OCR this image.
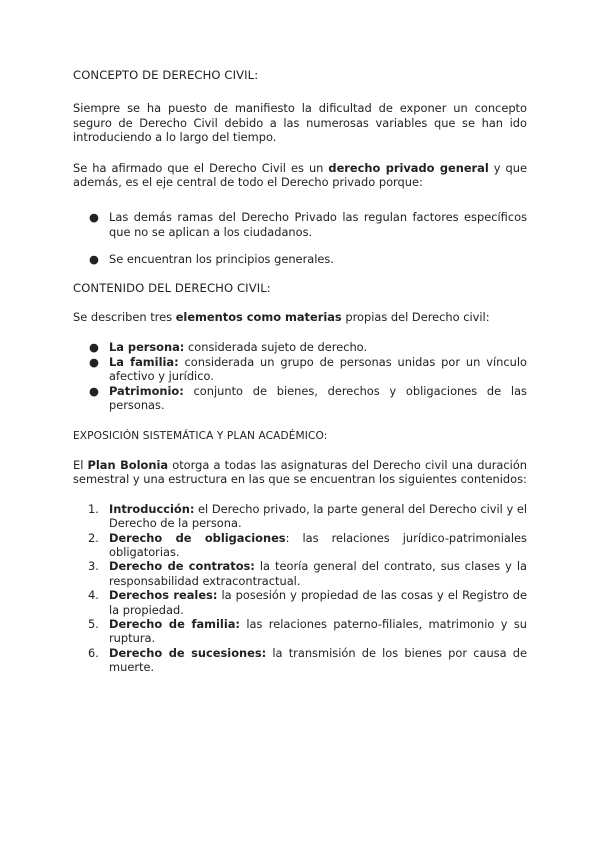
CONCEPTO DE DERECHO CIVIL:

Siempre se ha puesto de manifiesto la dificultad de exponer un concepto seguro de Derecho Civil debido a las numerosas variables que se han ido introduciendo a lo largo del tiempo.

Se ha afirmado que el Derecho Civil es un derecho privado general y que además, es el eje central de todo el Derecho privado porque:

● Las demás ramas del Derecho Privado las regulan factores específicos que no se aplican a los ciudadanos.
● Se encuentran los principios generales.
CONTENIDO DEL DERECHO CIVIL:

Se describen tres elementos como materias propias del Derecho civil:

● La persona: considerada sujeto de derecho.
● La familia: considerada un grupo de personas unidas por un vínculo afectivo y jurídico.
● Patrimonio: conjunto de bienes, derechos y obligaciones de las personas.
EXPOSICIÓN SISTEMÁTICA Y PLAN ACADÉMICO:

El Plan Bolonia otorga a todas las asignaturas del Derecho civil una duración semestral y una estructura en las que se encuentran los siguientes contenidos:

1. Introducción: el Derecho privado, la parte general del Derecho civil y el Derecho de la persona.
2. Derecho de obligaciones: las relaciones jurídico-patrimoniales obligatorias.
3. Derecho de contratos: la teoría general del contrato, sus clases y la responsabilidad extracontractual.
4. Derechos reales: la posesión y propiedad de las cosas y el Registro de la propiedad.
5. Derecho de familia: las relaciones paterno-filiales, matrimonio y su ruptura.
6. Derecho de sucesiones: la transmisión de los bienes por causa de muerte.
